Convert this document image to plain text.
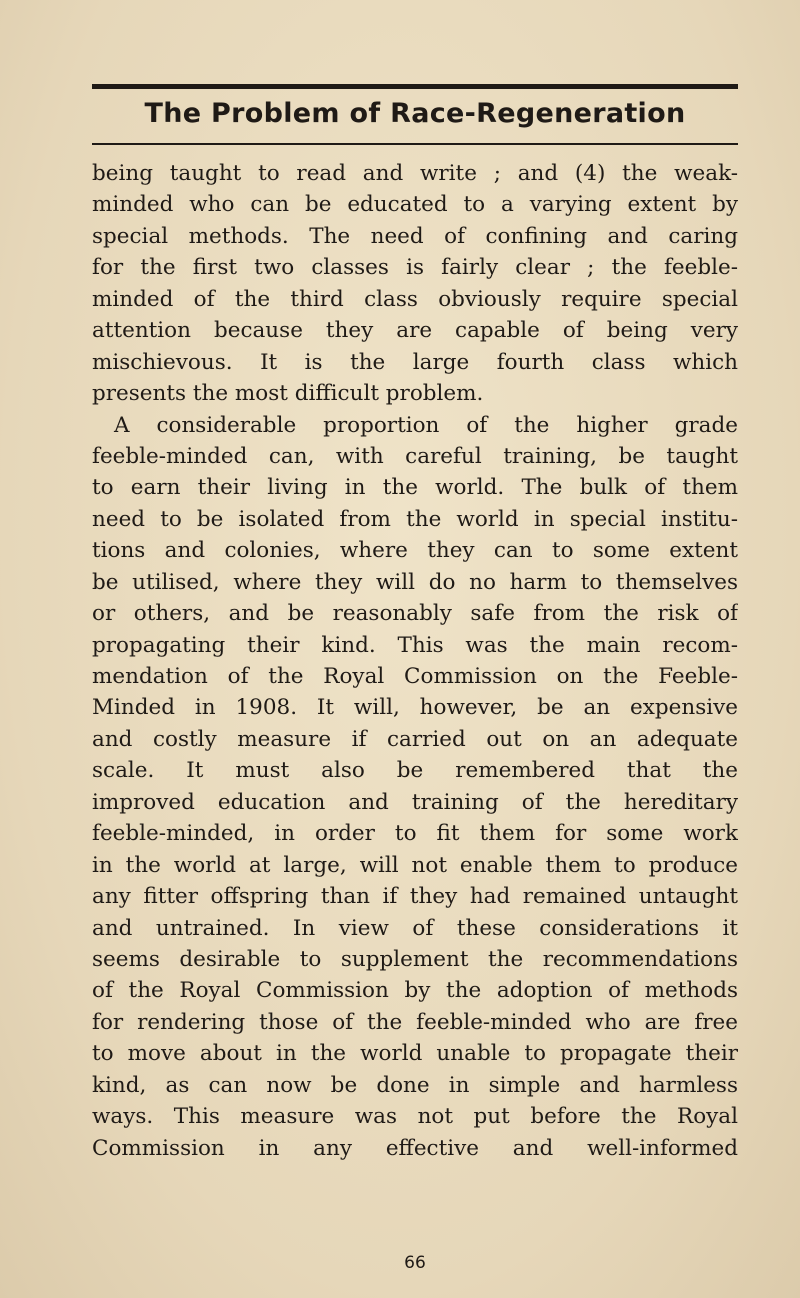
The Problem of Race-Regeneration
being taught to read and write ; and (4) the weak-
minded who can be educated to a varying extent by
special methods. The need of confining and caring
for the first two classes is fairly clear ; the feeble-
minded of the third class obviously require special
attention because they are capable of being very
mischievous. It is the large fourth class which
presents the most difficult problem.
A considerable proportion of the higher grade
feeble-minded can, with careful training, be taught
to earn their living in the world. The bulk of them
need to be isolated from the world in special institu-
tions and colonies, where they can to some extent
be utilised, where they will do no harm to themselves
or others, and be reasonably safe from the risk of
propagating their kind. This was the main recom-
mendation of the Royal Commission on the Feeble-
Minded in 1908. It will, however, be an expensive
and costly measure if carried out on an adequate
scale. It must also be remembered that the
improved education and training of the hereditary
feeble-minded, in order to fit them for some work
in the world at large, will not enable them to produce
any fitter offspring than if they had remained untaught
and untrained. In view of these considerations it
seems desirable to supplement the recommendations
of the Royal Commission by the adoption of methods
for rendering those of the feeble-minded who are free
to move about in the world unable to propagate their
kind, as can now be done in simple and harmless
ways. This measure was not put before the Royal
Commission in any effective and well-informed
66
